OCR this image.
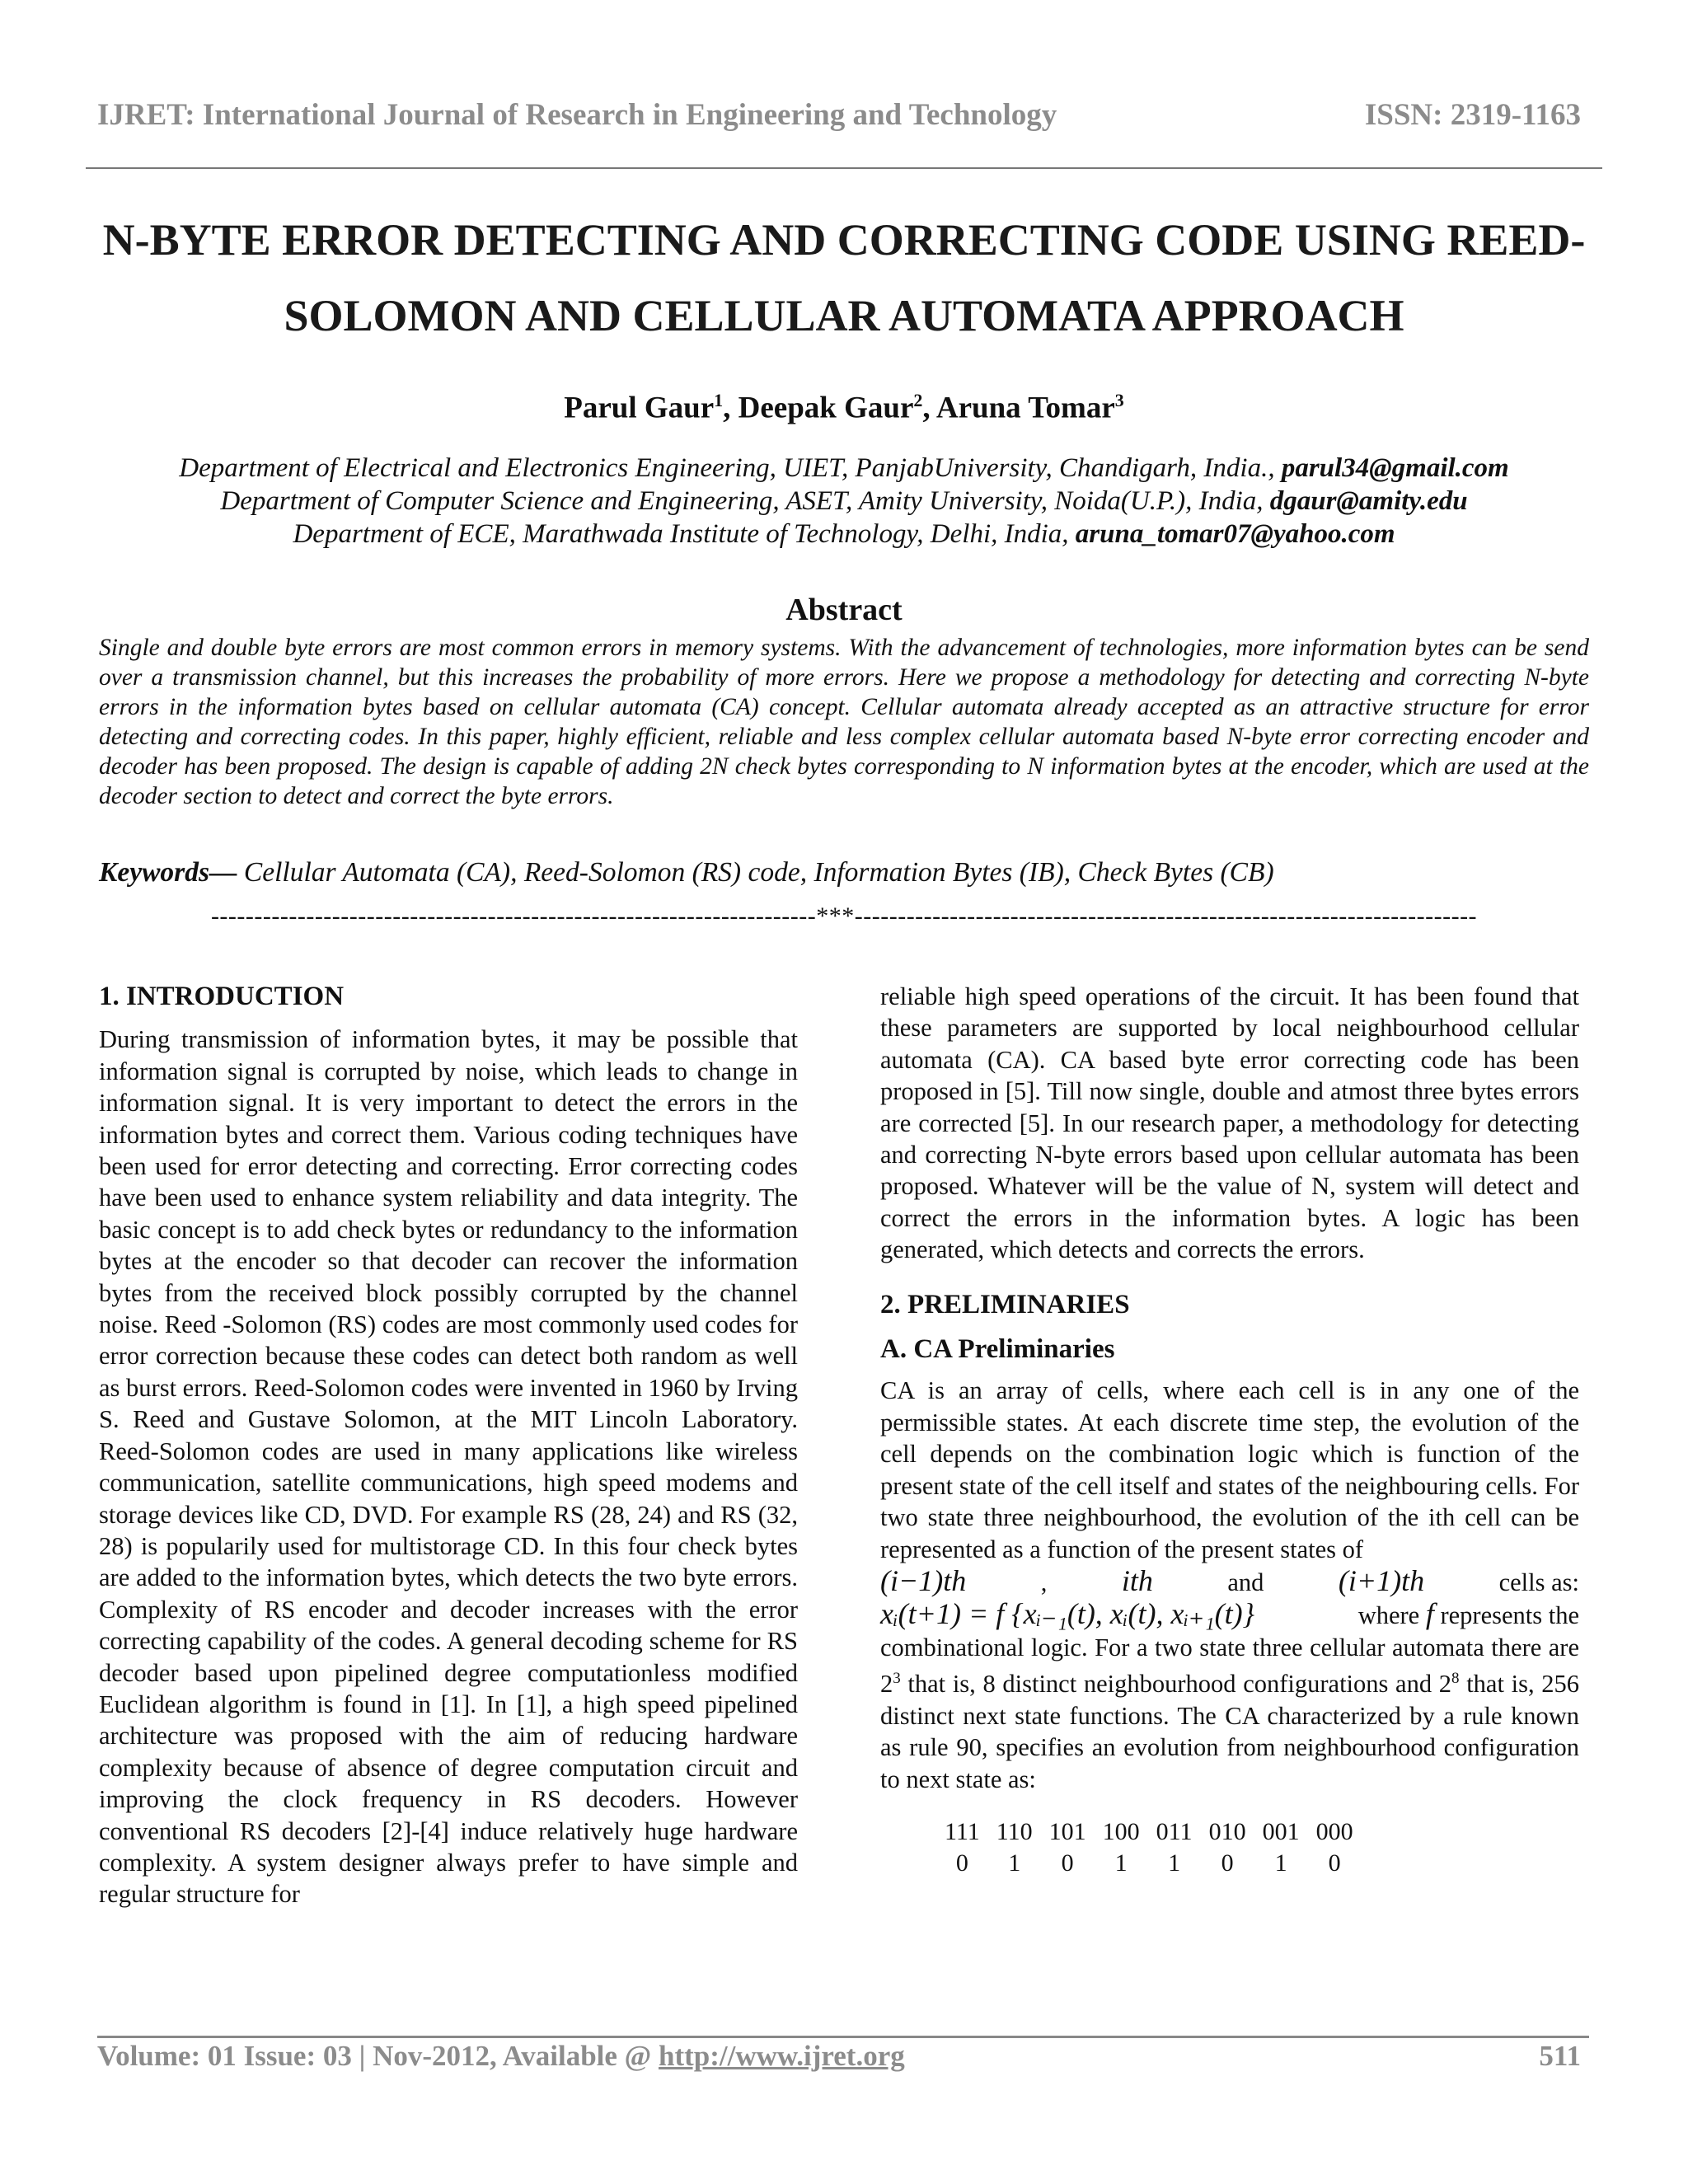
IJRET: International Journal of Research in Engineering and Technology	ISSN: 2319-1163
N-BYTE ERROR DETECTING AND CORRECTING CODE USING REED-
SOLOMON AND CELLULAR AUTOMATA APPROACH
Parul Gaur$^1$, Deepak Gaur$^2$, Aruna Tomar$^3$
Department of Electrical and Electronics Engineering, UIET, PanjabUniversity, Chandigarh, India., parul34@gmail.com
Department of Computer Science and Engineering, ASET, Amity University, Noida(U.P.), India, dgaur@amity.edu
Department of ECE, Marathwada Institute of Technology, Delhi, India, aruna_tomar07@yahoo.com
Abstract
Single and double byte errors are most common errors in memory systems. With the advancement of technologies, more information bytes can be send over a transmission channel, but this increases the probability of more errors. Here we propose a methodology for detecting and correcting N-byte errors in the information bytes based on cellular automata (CA) concept. Cellular automata already accepted as an attractive structure for error detecting and correcting codes. In this paper, highly efficient, reliable and less complex cellular automata based N-byte error correcting encoder and decoder has been proposed. The design is capable of adding 2N check bytes corresponding to N information bytes at the encoder, which are used at the decoder section to detect and correct the byte errors.
Keywords— Cellular Automata (CA), Reed-Solomon (RS) code, Information Bytes (IB), Check Bytes (CB)
----------------------------------------------------------------------***------------------------------------------------------------------------

1. INTRODUCTION

During transmission of information bytes, it may be possible that information signal is corrupted by noise, which leads to change in information signal. It is very important to detect the errors in the information bytes and correct them. Various coding techniques have been used for error detecting and correcting. Error correcting codes have been used to enhance system reliability and data integrity. The basic concept is to add check bytes or redundancy to the information bytes at the encoder so that decoder can recover the information bytes from the received block possibly corrupted by the channel noise. Reed -Solomon (RS) codes are most commonly used codes for error correction because these codes can detect both random as well as burst errors. Reed-Solomon codes were invented in 1960 by Irving S. Reed and Gustave Solomon, at the MIT Lincoln Laboratory. Reed-Solomon codes are used in many applications like wireless communication, satellite communications, high speed modems and storage devices like CD, DVD. For example RS (28, 24) and RS (32, 28) is popularily used for multistorage CD. In this four check bytes are added to the information bytes, which detects the two byte errors. Complexity of RS encoder and decoder increases with the error correcting capability of the codes. A general decoding scheme for RS decoder based upon pipelined degree computationless modified Euclidean algorithm is found in [1]. In [1], a high speed pipelined architecture was proposed with the aim of reducing hardware complexity because of absence of degree computation circuit and improving the clock frequency in RS decoders. However conventional RS decoders [2]-[4] induce relatively huge hardware complexity. A system designer always prefer to have simple and regular structure for

reliable high speed operations of the circuit. It has been found that these parameters are supported by local neighbourhood cellular automata (CA). CA based byte error correcting code has been proposed in [5]. Till now single, double and atmost three bytes errors are corrected [5]. In our research paper, a methodology for detecting and correcting N-byte errors based upon cellular automata has been proposed. Whatever will be the value of N, system will detect and correct the errors in the information bytes. A logic has been generated, which detects and corrects the errors.

2. PRELIMINARIES

A. CA Preliminaries

CA is an array of cells, where each cell is in any one of the permissible states. At each discrete time step, the evolution of the cell depends on the combination logic which is function of the present state of the cell itself and states of the neighbouring cells. For two state three neighbourhood, the evolution of the ith cell can be represented as a function of the present states of

(i−1)th	,	ith	and	(i+1)th	cells as:
xᵢ(t+1) = f {xᵢ₋₁(t), xᵢ(t), xᵢ₊₁(t)}	where f represents the

combinational logic. For a two state three cellular automata there are $2^3$ that is, 8 distinct neighbourhood configurations and $2^8$ that is, 256 distinct next state functions. The CA characterized by a rule known as rule 90, specifies an evolution from neighbourhood configuration to next state as:

111	110	101	100	011	010	001	000
0	1	0	1	1	0	1	0
Volume: 01 Issue: 03 | Nov-2012, Available @ http://www.ijret.org	511
